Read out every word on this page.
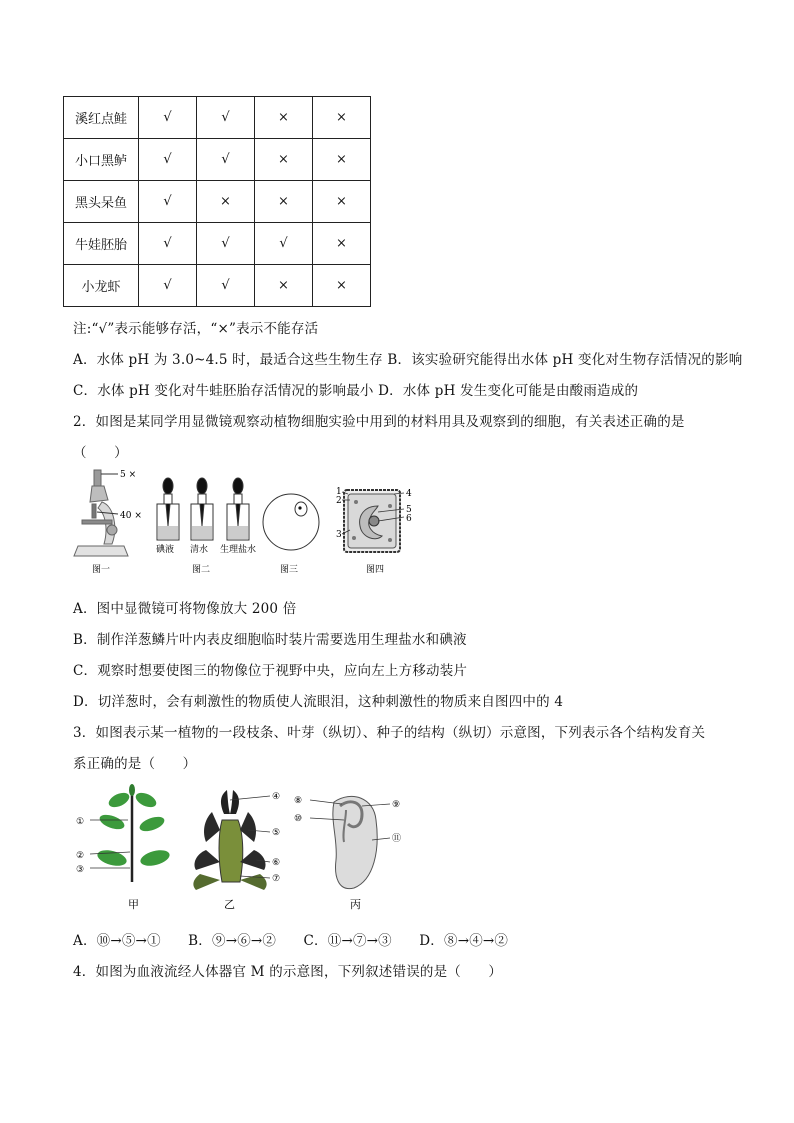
溪红点鲑	√	√	×	×
小口黑鲈	√	√	×	×
黑头呆鱼	√	×	×	×
牛娃胚胎	√	√	√	×
小龙虾	√	√	×	×
注:“√”表示能够存活，“×”表示不能存活
A．水体 pH 为 3.0~4.5 时，最适合这些生物生存 B．该实验研究能得出水体 pH 变化对生物存活情况的影响
C．水体 pH 变化对牛蛙胚胎存活情况的影响最小 D．水体 pH 发生变化可能是由酸雨造成的
2．如图是某同学用显微镜观察动植物细胞实验中用到的材料用具及观察到的细胞，有关表述正确的是
（　　）
5 ×
40 ×
碘液 清水 生理盐水
1
2
3
4
5
6
图一	图二	图三	图四
A．图中显微镜可将物像放大 200 倍
B．制作洋葱鳞片叶内表皮细胞临时装片需要选用生理盐水和碘液
C．观察时想要使图三的物像位于视野中央，应向左上方移动装片
D．切洋葱时，会有刺激性的物质使人流眼泪，这种刺激性的物质来自图四中的 4
3．如图表示某一植物的一段枝条、叶芽（纵切）、种子的结构（纵切）示意图，下列表示各个结构发育关
系正确的是（　　）
①
②
③
④
⑤
⑥
⑦
⑧
⑩
⑨
⑪
甲	乙	丙
A．⑩→⑤→①　　B．⑨→⑥→②　　C．⑪→⑦→③　　D．⑧→④→②
4．如图为血液流经人体器官 M 的示意图，下列叙述错误的是（　　）
